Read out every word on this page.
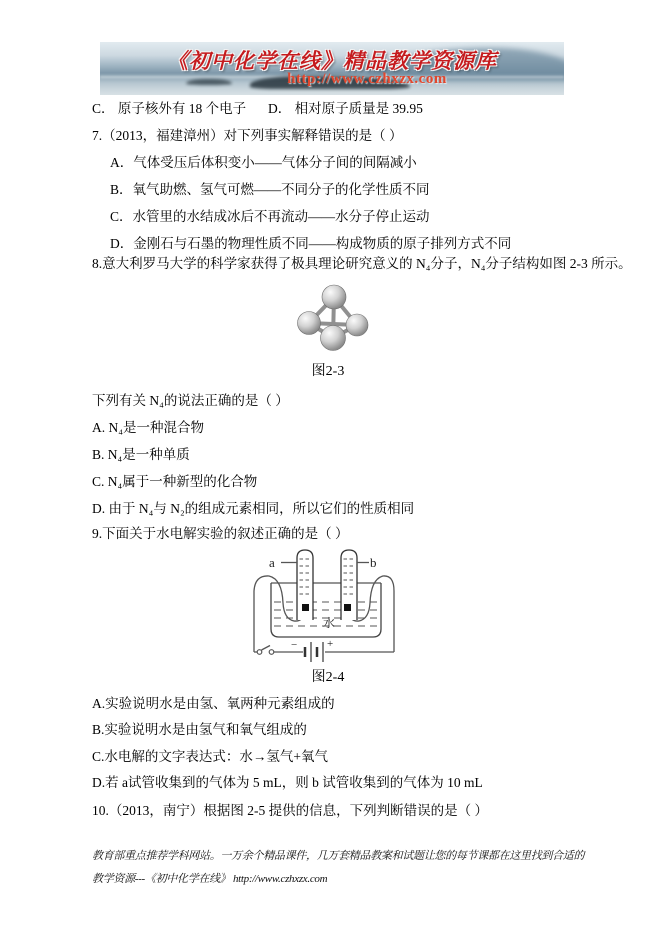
《初中化学在线》精品教学资源库
http://www.czhxzx.com
C． 原子核外有 18 个电子 D． 相对原子质量是 39.95
7.（2013，福建漳州）对下列事实解释错误的是（ ）
A．气体受压后体积变小――气体分子间的间隔减小
B．氧气助燃、氢气可燃――不同分子的化学性质不同
C．水管里的水结成冰后不再流动――水分子停止运动
D．金刚石与石墨的物理性质不同――构成物质的原子排列方式不同
8.意大利罗马大学的科学家获得了极具理论研究意义的 N₄分子，N₄分子结构如图 2-3 所示。
图2-3
下列有关 N₄的说法正确的是（ ）
A. N₄是一种混合物
B. N₄是一种单质
C. N₄属于一种新型的化合物
D. 由于 N₄与 N₂的组成元素相同，所以它们的性质相同
9.下面关于水电解实验的叙述正确的是（ ）
水
a	b
−	+
图2-4
A.实验说明水是由氢、氧两种元素组成的
B.实验说明水是由氢气和氧气组成的
C.水电解的文字表达式：水→氢气+氧气
D.若 a试管收集到的气体为 5 mL，则 b 试管收集到的气体为 10 mL
10.（2013，南宁）根据图 2-5 提供的信息，下列判断错误的是（ ）
教育部重点推荐学科网站。一万余个精品课件，几万套精品教案和试题让您的每节课都在这里找到合适的
教学资源---《初中化学在线》 http://www.czhxzx.com
